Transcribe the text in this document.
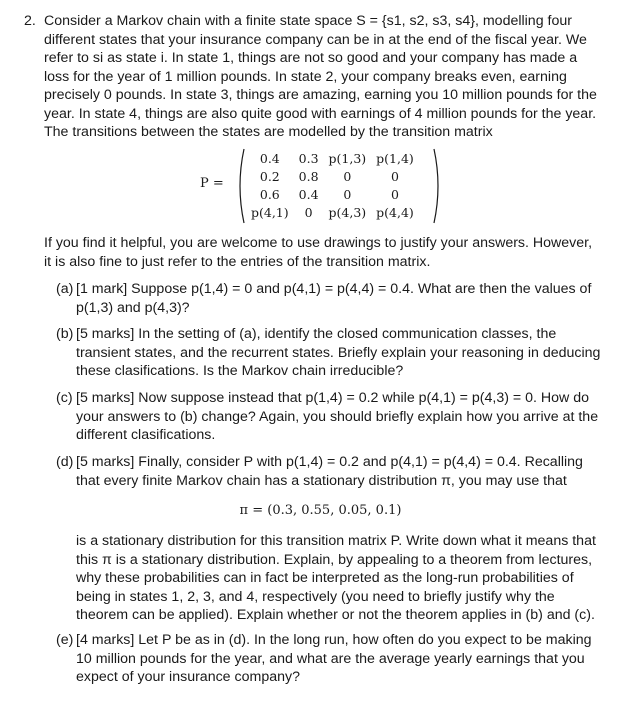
2. Consider a Markov chain with a finite state space S = {s1, s2, s3, s4}, modelling four different states that your insurance company can be in at the end of the fiscal year. We refer to si as state i. In state 1, things are not so good and your company has made a loss for the year of 1 million pounds. In state 2, your company breaks even, earning precisely 0 pounds. In state 3, things are amazing, earning you 10 million pounds for the year. In state 4, things are also quite good with earnings of 4 million pounds for the year. The transitions between the states are modelled by the transition matrix

P =
0.4	0.3	p(1,3)	p(1,4)
0.2	0.8	0	0
0.6	0.4	0	0
p(4,1)	0	p(4,3)	p(4,4)

If you find it helpful, you are welcome to use drawings to justify your answers. However, it is also fine to just refer to the entries of the transition matrix.

(a) [1 mark] Suppose p(1,4) = 0 and p(4,1) = p(4,4) = 0.4. What are then the values of p(1,3) and p(4,3)?
(b) [5 marks] In the setting of (a), identify the closed communication classes, the transient states, and the recurrent states. Briefly explain your reasoning in deducing these clasifications. Is the Markov chain irreducible?
(c) [5 marks] Now suppose instead that p(1,4) = 0.2 while p(4,1) = p(4,3) = 0. How do your answers to (b) change? Again, you should briefly explain how you arrive at the different clasifications.
(d) [5 marks] Finally, consider P with p(1,4) = 0.2 and p(4,1) = p(4,4) = 0.4. Recalling that every finite Markov chain has a stationary distribution π, you may use that
π = (0.3, 0.55, 0.05, 0.1)
is a stationary distribution for this transition matrix P. Write down what it means that this π is a stationary distribution. Explain, by appealing to a theorem from lectures, why these probabilities can in fact be interpreted as the long-run probabilities of being in states 1, 2, 3, and 4, respectively (you need to briefly justify why the theorem can be applied). Explain whether or not the theorem applies in (b) and (c).
(e) [4 marks] Let P be as in (d). In the long run, how often do you expect to be making 10 million pounds for the year, and what are the average yearly earnings that you expect of your insurance company?
